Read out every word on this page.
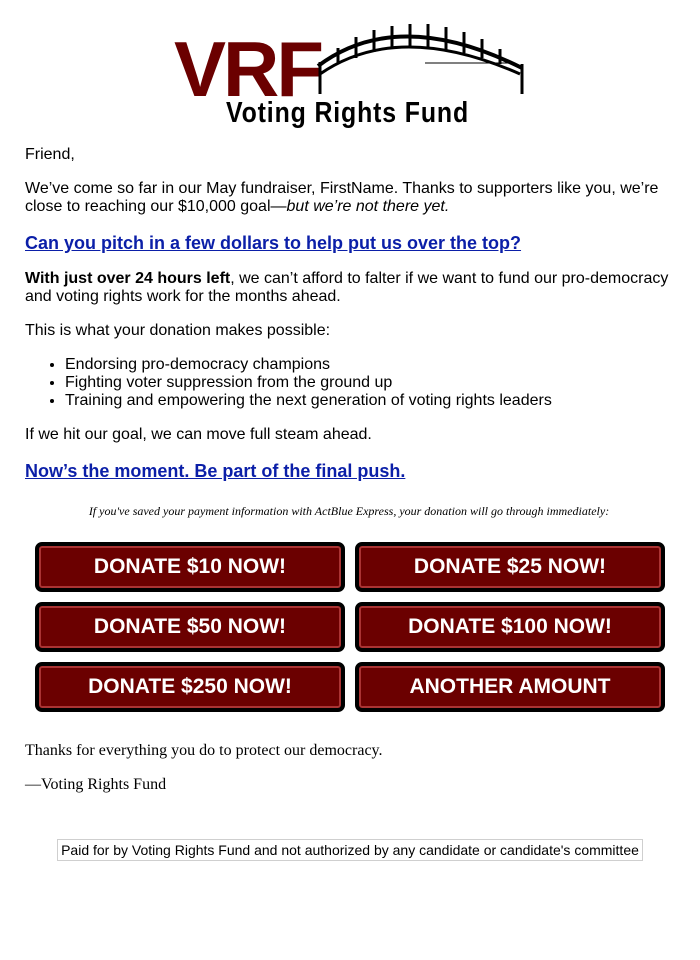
VRF
Voting Rights Fund

Friend,

We’ve come so far in our May fundraiser, FirstName. Thanks to supporters like you, we’re close to reaching our $10,000 goal—but we’re not there yet.

Can you pitch in a few dollars to help put us over the top?

With just over 24 hours left, we can’t afford to falter if we want to fund our pro-democracy and voting rights work for the months ahead.

This is what your donation makes possible:

• Endorsing pro-democracy champions
• Fighting voter suppression from the ground up
• Training and empowering the next generation of voting rights leaders

If we hit our goal, we can move full steam ahead.

Now’s the moment. Be part of the final push.

If you've saved your payment information with ActBlue Express, your donation will go through immediately:

DONATE $10 NOW!	DONATE $25 NOW!
DONATE $50 NOW!	DONATE $100 NOW!
DONATE $250 NOW!	ANOTHER AMOUNT

Thanks for everything you do to protect our democracy.

—Voting Rights Fund

Paid for by Voting Rights Fund and not authorized by any candidate or candidate's committee
